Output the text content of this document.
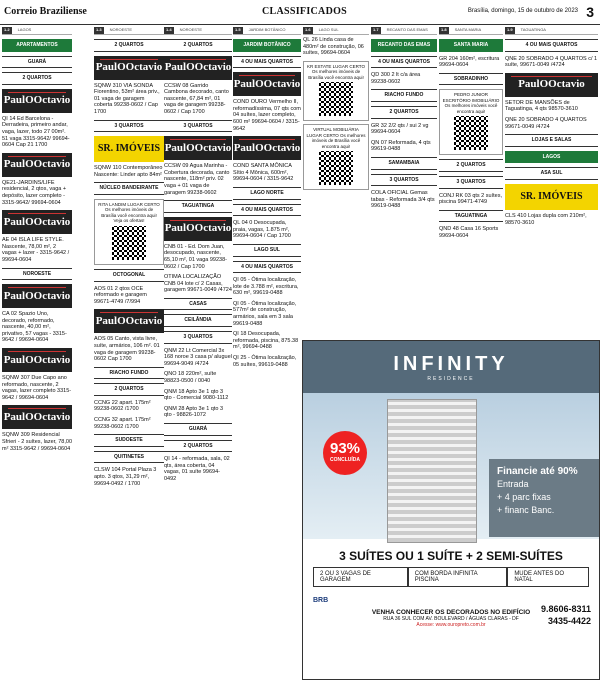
Correio Braziliense	CLASSIFICADOS	Brasília, domingo, 15 de outubro de 2023 3
1.2	LAGOS
APARTAMENTOS
GUARÁ
2 QUARTOS
PaulOOctavio
QI 14 Ed Barcelona - Derradeira, primeiro andar, vaga, lazer, todo 27 00m². 51 vaga 3315-9642/ 99694-0604 Cap 21 1700
PaulOOctavio
QE21-JARDINS/LIFE residencial, 2 qtos, vaga + depósito, lazer completo - 3315-9642/ 99694-0604
PaulOOctavio
AE 04 ISLA LIFE STYLE. Nascente, 78,00 m², 2 vagas + lazer - 3315-9642 / 99694-0604
NOROESTE
PaulOOctavio
CA 02 Spazio Uno, decorado, reformado, nascente, 40,00 m², privativo, 57 vagas - 3315-9642 / 99694-0604
PaulOOctavio
SQNW 307 Due Capo ano reformado, nascente, 2 vagas, lazer completo 3315-9642 / 99694-0604
PaulOOctavio
SQNW 309 Residencial Sfrieri - 2 suítes, lazer, 78,00 m² 3315-9642 / 99694-0604
1.3	NOROESTE
2 QUARTOS
PaulOOctavio
SQNW 310 VIA SONDA Fiorentino, 53m² área priv., 01 vaga de garagem coberta 99238-0602 / Cap 1700
3 QUARTOS
SR. IMÓVEIS
SQNW 110 Contemporâneo Nascente: Linder apto 84m²
NÚCLEO BANDEIRANTE
RITA LANDIM LUGAR CERTO Os melhores imóveis de Brasília você encontra aqui! Veja os ofertas!
OCTOGONAL
AOS 01 2 qtos OCE reformado e garagem 99671-4749 /7/994
PaulOOctavio
AOS 05 Canto, vista livre, suíte, armários, 106 m². 01 vaga de garagem 99238-0602 Cap 1700
RIACHO FUNDO
2 QUARTOS
CCNG 22 apart. 175m² 99238-0602 /1700
CCNG 32 apart. 175m² 99238-0602 /1700
SUDOESTE
QUITINETES
CLSW 104 Portal Plaza 3 apto. 3 qtos, 31,29 m², 99694-0492 / 1700
1.4	NOROESTE
2 QUARTOS
PaulOOctavio
CCSW 08 Garrido Cambona decorado, canto nascente, 67,84 m², 01 vaga de garagem 99238-0602 / Cap 1700
3 QUARTOS
PaulOOctavio
CCSW 09 Agua Marinha - Cobertura decorada, canto nascente, 118m² priv. 02 vaga + 01 vaga de garagem 99238-0602
TAGUATINGA
PaulOOctavio
CNB 01 - Ed. Dom Juan, desocupado, nascente, 65,10 m², 01 vaga 99238-0602 / Cap 1700
OTIMA LOCALIZAÇÃO CNB 04 lote c/ 2 Casas, garagem 99671-0049 /4724
CASAS
CEILÂNDIA
3 QUARTOS
QNM 22 Lt Comercial 3x 168 noroe 3 casa p/ aluguel 99694-9049 /4724
QNO 18 220m², suíte 98823-0500 / 0040
QNM 18 Apto 3e 1 qto 3 qto - Comercial 9080-1112
QNM 28 Apto 3e 1 qto 3 qto - 98826-1072
GUARÁ
2 QUARTOS
QI 14 - reformada, sala, 02 qts, área coberta, 04 vagas, 01 suíte 99694-0492
1.5	JARDIM BOTÂNICO
JARDIM BOTÂNICO
4 OU MAIS QUARTOS
PaulOOctavio
COND OURO Vermelho II, reformadíssima, 07 qts com 04 suítes, lazer completo, 600 m² 99694-0604 / 3315-9642
PaulOOctavio
COND SANTA MÔNICA Sítio 4 Mônica, 600m², 99694-0604 / 3315-9642
LAGO NORTE
4 OU MAIS QUARTOS
QL 04 0 Desocupada, praia, vagas, 1.875 m², 99694-0604 / Cap 1700
LAGO SUL
4 OU MAIS QUARTOS
QI 05 - Ótima localização, lote de 3.788 m², escritura, 630 m², 99619-0488
QI 05 - Ótima localização, 577m² de construção, armários, sala em 3 sala 99619-0488
QI 18 Desocupada, reformada, piscina, 875.38 m², 99694-0488
QI 25 - Ótima localização, 05 suítes, 99619-0488
1.6	LAGO SUL
QL 26 Linda casa de 480m² de construção, 06 suítes, 99694-0604
KR ESTATE LUGAR CERTO Os melhores imóveis de Brasília você encontra aqui!
VIRTUAL MOBILIÁRIA LUGAR CERTO Os melhores imóveis de Brasília você encontra aqui!
1.7	RECANTO DAS EMAS
RECANTO DAS EMAS
4 OU MAIS QUARTOS
QD 300 2 lt c/a área 99238-0602
RIACHO FUNDO
2 QUARTOS
GR 32 2/2 qts / sui 2 vg 99694-0604
QN 07 Reformada, 4 qts 99619-0488
SAMAMBAIA
3 QUARTOS
COLA OFICIAL Gemas tabas - Reformada 3/4 qts 99619-0488
1.8	SANTA MARIA
SANTA MARIA
GR 204 160m², escritura 99694-0604
SOBRADINHO
PEDRO JUNIOR ESCRITÓRIO IMOBILIÁRIO Os melhores imóveis você encontra aqui!
2 QUARTOS
3 QUARTOS
CONJ RK 03 qts 2 suítes, piscina 99471-4749
TAGUATINGA
QND 48 Casa 16 Sports 99694-0604
1.9	TAGUATINGA
4 OU MAIS QUARTOS
QNE 20 SOBRADO 4 QUARTOS c/ 1 suíte, 99671-0049 /4724
PaulOOctavio
SETOR DE MANSÕES de Taguatinga, 4 qts 98570-3610
QNE 20 SOBRADO 4 QUARTOS 99671-0049 /4724
LOJAS E SALAS
LAGOS
ASA SUL
SR. IMÓVEIS
CLS 410 Lojas dupla com 210m², 98570-3610
INFINITY
RESIDENCE
93%
CONCLUÍDA
Financie até 90%
Entrada
+ 4 parc fixas
+ financ Banc.
3 SUÍTES OU 1 SUÍTE + 2 SEMI-SUÍTES
2 OU 3 VAGAS DE GARAGEM
COM BORDA INFINITA PISCINA
MUDE ANTES DO NATAL
BRB
VENHA CONHECER OS DECORADOS NO EDIFÍCIO
RUA 36 SUL COM AV. BOULEVARD / ÁGUAS CLARAS - DF
Acesse: www.ouropreto.com.br
9.8606-8311
3435-4422
